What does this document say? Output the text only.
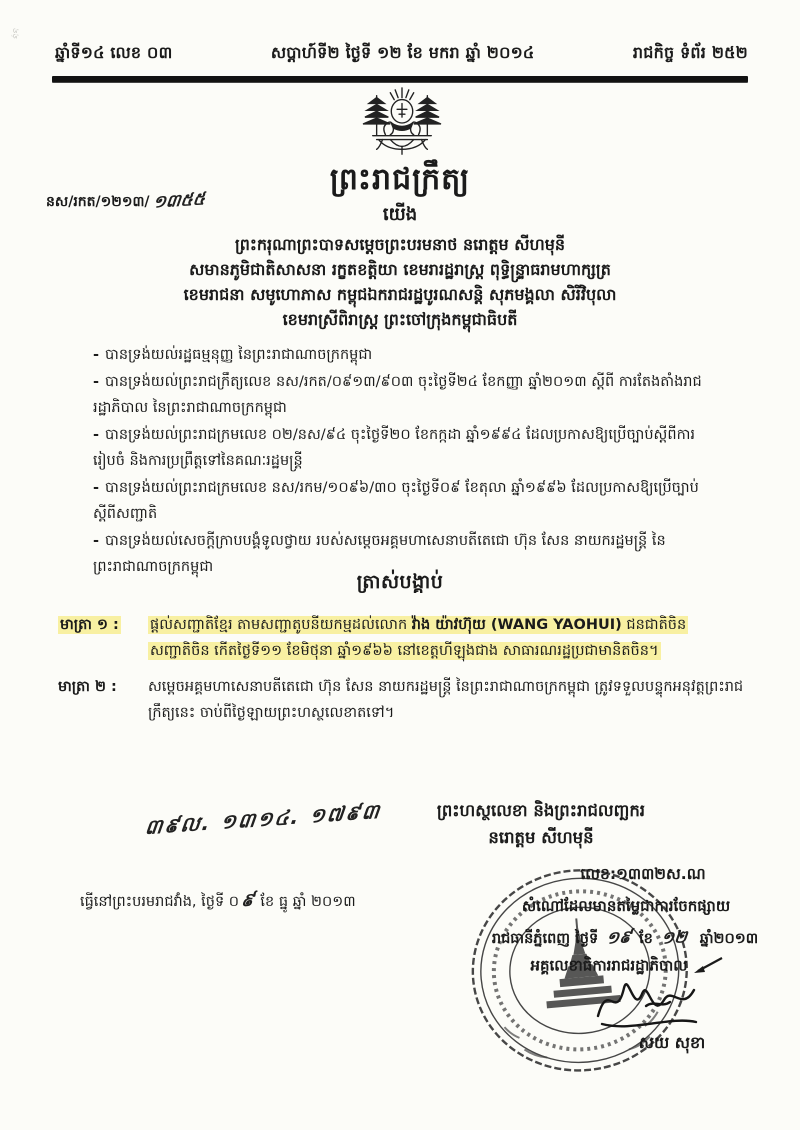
ئ‌ِ‌ئ
ឆ្នាំទី១៤ លេខ ០៣	សប្តាហ៍ទី២ ថ្ងៃទី ១២ ខែ មករា ឆ្នាំ ២០១៤	រាជកិច្ច ទំព័រ ២៥២
ព្រះរាជក្រឹត្យ
យើង
នស/រកត/១២១៣/ ១៣៥៥
ព្រះករុណាព្រះបាទសម្តេចព្រះបរមនាថ នរោត្តម សីហមុនី
សមានភូមិជាតិសាសនា រក្ខតខត្តិយា ខេមរារដ្ឋរាស្ត្រ ពុទ្ធិន្ទ្រាធរាមហាក្សត្រ
ខេមរាជនា សមូហោភាស កម្ពុជឯករាជរដ្ឋបូរណសន្តិ សុភមង្គលា សិរីវិបុលា
ខេមរាស្រីពិរាស្ត្រ ព្រះចៅក្រុងកម្ពុជាធិបតី
- បានទ្រង់យល់រដ្ឋធម្មនុញ្ញ នៃព្រះរាជាណាចក្រកម្ពុជា
- បានទ្រង់យល់ព្រះរាជក្រឹត្យលេខ នស/រកត/០៩១៣/៩០៣ ចុះថ្ងៃទី២៤ ខែកញ្ញា ឆ្នាំ២០១៣ ស្តីពី ការតែងតាំងរាជរដ្ឋាភិបាល នៃព្រះរាជាណាចក្រកម្ពុជា
- បានទ្រង់យល់ព្រះរាជក្រមលេខ ០២/នស/៩៤ ចុះថ្ងៃទី២០ ខែកក្កដា ឆ្នាំ១៩៩៤ ដែលប្រកាសឱ្យប្រើច្បាប់ស្តីពីការរៀបចំ និងការប្រព្រឹត្តទៅនៃគណៈរដ្ឋមន្ត្រី
- បានទ្រង់យល់ព្រះរាជក្រមលេខ នស/រកម/១០៩៦/៣០ ចុះថ្ងៃទី០៩ ខែតុលា ឆ្នាំ១៩៩៦ ដែលប្រកាសឱ្យប្រើច្បាប់ ស្តីពីសញ្ជាតិ
- បានទ្រង់យល់សេចក្តីក្រាបបង្គំទូលថ្វាយ របស់សម្តេចអគ្គមហាសេនាបតីតេជោ ហ៊ុន សែន នាយករដ្ឋមន្ត្រី នៃព្រះរាជាណាចក្រកម្ពុជា
ត្រាស់បង្គាប់
មាត្រា ១ :	ផ្តល់សញ្ជាតិខ្មែរ តាមសញ្ជាតូបនីយកម្មដល់លោក វ៉ាង យ៉ាវហ៊ុយ (WANG YAOHUI) ជនជាតិចិន សញ្ជាតិចិន កើតថ្ងៃទី១១ ខែមិថុនា ឆ្នាំ១៩៦៦ នៅខេត្តហីឡុងជាង សាធារណរដ្ឋប្រជាមានិតចិន។
មាត្រា ២ :	សម្តេចអគ្គមហាសេនាបតីតេជោ ហ៊ុន សែន នាយករដ្ឋមន្ត្រី នៃព្រះរាជាណាចក្រកម្ពុជា ត្រូវទទួលបន្ទុកអនុវត្តព្រះរាជក្រឹត្យនេះ ចាប់ពីថ្ងៃឡាយព្រះហស្ថលេខាតទៅ។
៣៩ល. ១៣១៤. ១៧៩៣	ព្រះហស្ថលេខា និងព្រះរាជលញ្ឆករ
នរោត្តម សីហមុនី
លេខ:១៣៣២ស.ណ
ធ្វើនៅព្រះបរមរាជវាំង, ថ្ងៃទី ០៩ ខែ ធ្នូ ឆ្នាំ ២០១៣	សំណៅដែលមានតម្លៃជាការចែកផ្សាយ
រាជធានីភ្នំពេញ ថ្ងៃទី ១៩ ខែ ១២ ឆ្នាំ២០១៣
អគ្គលេខាធិការរាជរដ្ឋាភិបាល
សយ សុខា
